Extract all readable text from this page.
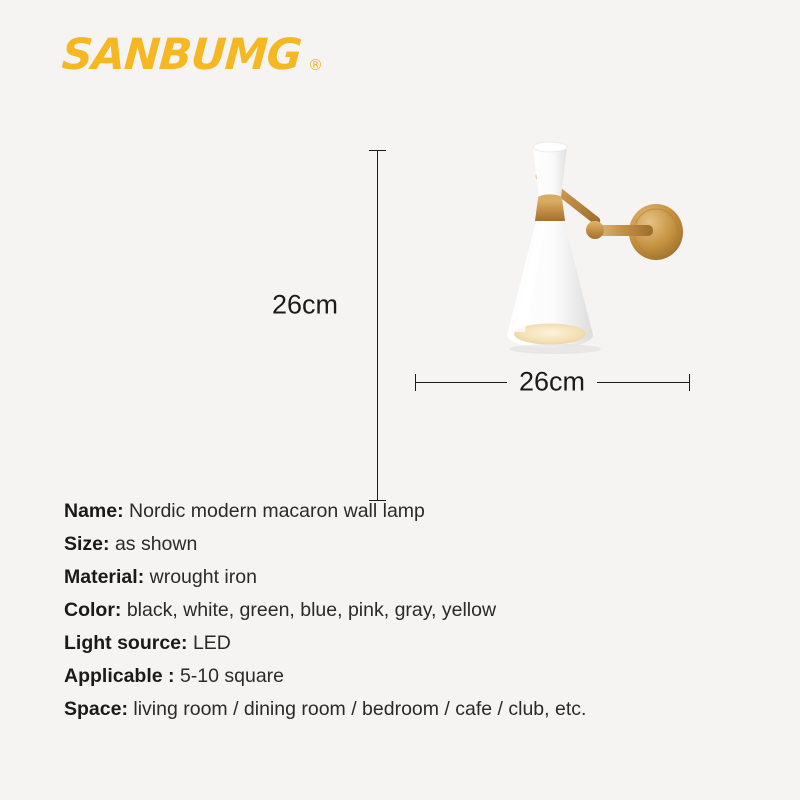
SANBUMG ®
26cm
26cm
Name: Nordic modern macaron wall lamp
Size: as shown
Material: wrought iron
Color: black, white, green, blue, pink, gray, yellow
Light source: LED
Applicable : 5-10 square
Space: living room / dining room / bedroom / cafe / club, etc.
